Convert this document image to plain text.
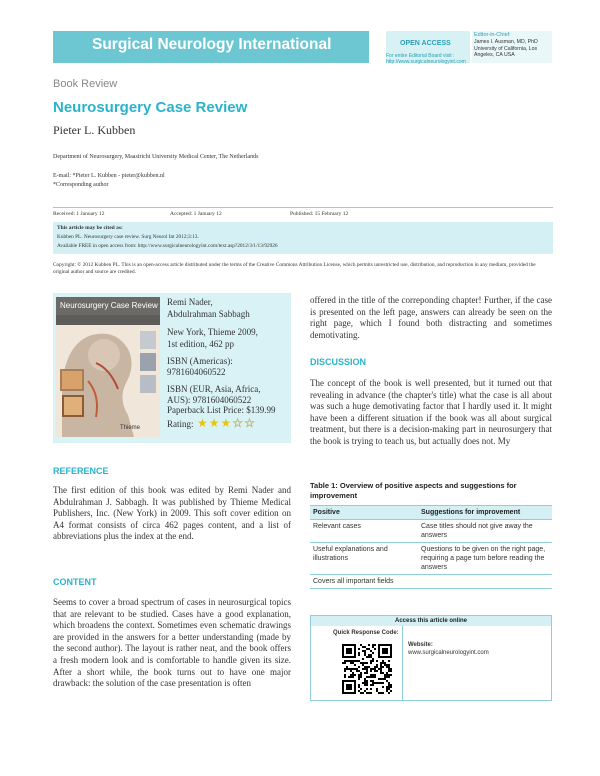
Surgical Neurology International	OPEN ACCESS
For entire Editorial Board visit :
http://www.surgicalneurologyint.com
Editor-in-Chief:
James I. Ausman, MD, PhD University of California, Los Angeles, CA USA
Book Review
Neurosurgery Case Review
Pieter L. Kubben
Department of Neurosurgery, Maastricht University Medical Center, The Netherlands
E-mail: *Pieter L. Kubben - pieter@kubben.nl
*Corresponding author
Received: 1 January 12	Accepted: 1 January 12	Published: 15 February 12
This article may be cited as:
Kubben PL. Neurosurgery case review. Surg Neurol Int 2012;3:13.
Available FREE in open access from: http://www.surgicalneurologyint.com/text.asp?2012/3/1/13/92926
Copyright: © 2012 Kubben PL. This is an open-access article distributed under the terms of the Creative Commons Attribution License, which permits unrestricted use, distribution, and reproduction in any medium, provided the original author and source are credited.
Neurosurgery Case Review
Thieme
Remi Nader,
Abdulrahman Sabbagh
New York, Thieme 2009,
1st edition, 462 pp
ISBN (Americas):
9781604060522
ISBN (EUR, Asia, Africa,
AUS): 9781604060522
Paperback List Price: $139.99
Rating: ★★★☆☆
REFERENCE
The first edition of this book was edited by Remi Nader and Abdulrahman J. Sabbagh. It was published by Thieme Medical Publishers, Inc. (New York) in 2009. This soft cover edition on A4 format consists of circa 462 pages content, and a list of abbreviations plus the index at the end.
CONTENT
Seems to cover a broad spectrum of cases in neurosurgical topics that are relevant to be studied. Cases have a good explanation, which broadens the context. Sometimes even schematic drawings are provided in the answers for a better understanding (made by the second author). The layout is rather neat, and the book offers a fresh modern look and is comfortable to handle given its size. After a short while, the book turns out to have one major drawback: the solution of the case presentation is often
offered in the title of the correponding chapter! Further, if the case is presented on the left page, answers can already be seen on the right page, which I found both distracting and sometimes demotivating.
DISCUSSION
The concept of the book is well presented, but it turned out that revealing in advance (the chapter's title) what the case is all about was such a huge demotivating factor that I hardly used it. It might have been a different situation if the book was all about surgical treatment, but there is a decision-making part in neurosurgery that the book is trying to teach us, but actually does not. My
Table 1: Overview of positive aspects and suggestions for improvement
Positive	Suggestions for improvement
Relevant cases	Case titles should not give away the answers
Useful explanations and illustrations	Questions to be given on the right page, requiring a page turn before reading the answers
Covers all important fields	
Access this article online
Quick Response Code:
Website:
www.surgicalneurologyint.com
